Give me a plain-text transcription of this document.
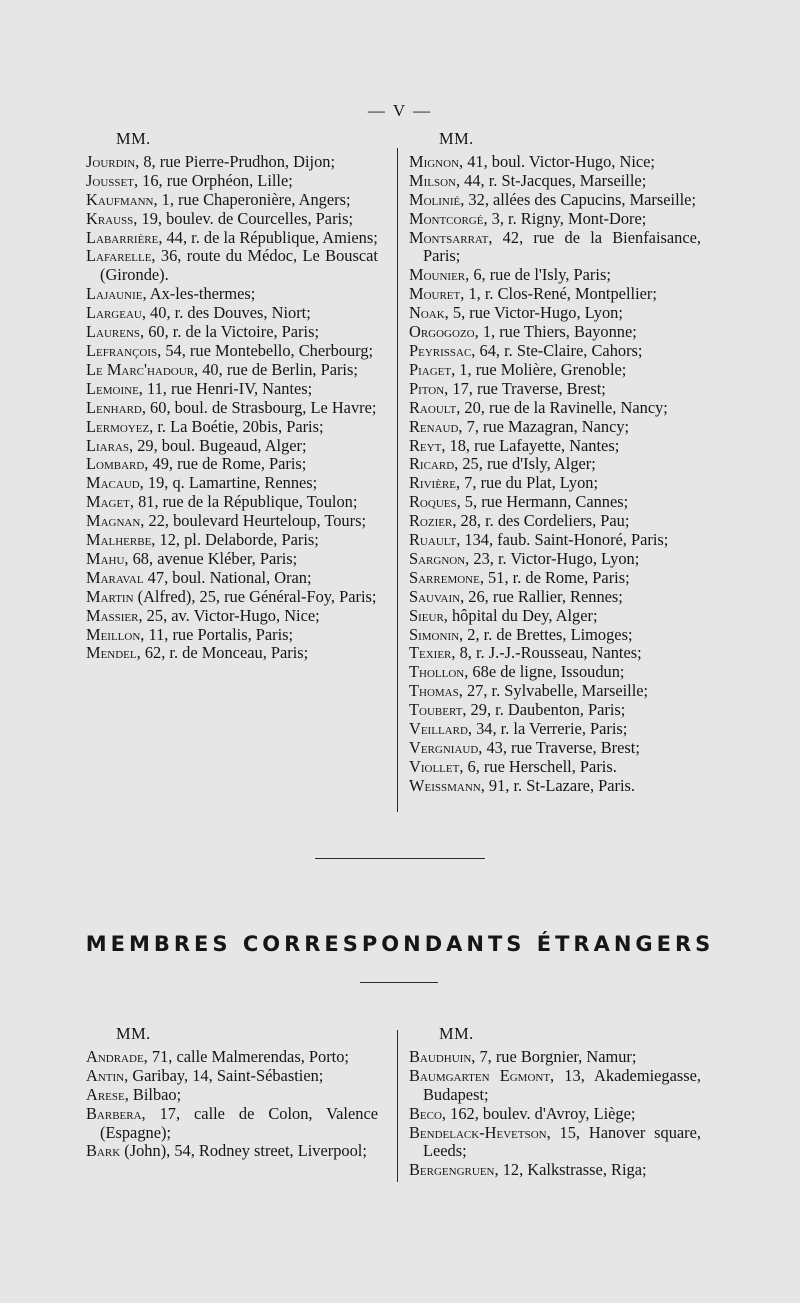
— V —
MM.
Jourdin, 8, rue Pierre-Prudhon, Dijon;
Jousset, 16, rue Orphéon, Lille;
Kaufmann, 1, rue Chaperonière, Angers;
Krauss, 19, boulev. de Courcelles, Paris;
Labarrière, 44, r. de la République, Amiens;
Lafarelle, 36, route du Médoc, Le Bouscat (Gironde).
Lajaunie, Ax-les-thermes;
Largeau, 40, r. des Douves, Niort;
Laurens, 60, r. de la Victoire, Paris;
Lefrançois, 54, rue Montebello, Cherbourg;
Le Marc'hadour, 40, rue de Berlin, Paris;
Lemoine, 11, rue Henri-IV, Nantes;
Lenhard, 60, boul. de Strasbourg, Le Havre;
Lermoyez, r. La Boétie, 20bis, Paris;
Liaras, 29, boul. Bugeaud, Alger;
Lombard, 49, rue de Rome, Paris;
Macaud, 19, q. Lamartine, Rennes;
Maget, 81, rue de la République, Toulon;
Magnan, 22, boulevard Heurteloup, Tours;
Malherbe, 12, pl. Delaborde, Paris;
Mahu, 68, avenue Kléber, Paris;
Maraval 47, boul. National, Oran;
Martin (Alfred), 25, rue Général-Foy, Paris;
Massier, 25, av. Victor-Hugo, Nice;
Meillon, 11, rue Portalis, Paris;
Mendel, 62, r. de Monceau, Paris;
MM.
Mignon, 41, boul. Victor-Hugo, Nice;
Milson, 44, r. St-Jacques, Marseille;
Molinié, 32, allées des Capucins, Marseille;
Montcorgé, 3, r. Rigny, Mont-Dore;
Montsarrat, 42, rue de la Bienfaisance, Paris;
Mounier, 6, rue de l'Isly, Paris;
Mouret, 1, r. Clos-René, Montpellier;
Noak, 5, rue Victor-Hugo, Lyon;
Orgogozo, 1, rue Thiers, Bayonne;
Peyrissac, 64, r. Ste-Claire, Cahors;
Piaget, 1, rue Molière, Grenoble;
Piton, 17, rue Traverse, Brest;
Raoult, 20, rue de la Ravinelle, Nancy;
Renaud, 7, rue Mazagran, Nancy;
Reyt, 18, rue Lafayette, Nantes;
Ricard, 25, rue d'Isly, Alger;
Rivière, 7, rue du Plat, Lyon;
Roques, 5, rue Hermann, Cannes;
Rozier, 28, r. des Cordeliers, Pau;
Ruault, 134, faub. Saint-Honoré, Paris;
Sargnon, 23, r. Victor-Hugo, Lyon;
Sarremone, 51, r. de Rome, Paris;
Sauvain, 26, rue Rallier, Rennes;
Sieur, hôpital du Dey, Alger;
Simonin, 2, r. de Brettes, Limoges;
Texier, 8, r. J.-J.-Rousseau, Nantes;
Thollon, 68e de ligne, Issoudun;
Thomas, 27, r. Sylvabelle, Marseille;
Toubert, 29, r. Daubenton, Paris;
Veillard, 34, r. la Verrerie, Paris;
Vergniaud, 43, rue Traverse, Brest;
Viollet, 6, rue Herschell, Paris.
Weissmann, 91, r. St-Lazare, Paris.
MEMBRES CORRESPONDANTS ÉTRANGERS
MM.
Andrade, 71, calle Malmerendas, Porto;
Antin, Garibay, 14, Saint-Sébastien;
Arese, Bilbao;
Barbera, 17, calle de Colon, Valence (Espagne);
Bark (John), 54, Rodney street, Liverpool;
MM.
Baudhuin, 7, rue Borgnier, Namur;
Baumgarten Egmont, 13, Akademiegasse, Budapest;
Beco, 162, boulev. d'Avroy, Liège;
Bendelack-Hevetson, 15, Hanover square, Leeds;
Bergengruen, 12, Kalkstrasse, Riga;
